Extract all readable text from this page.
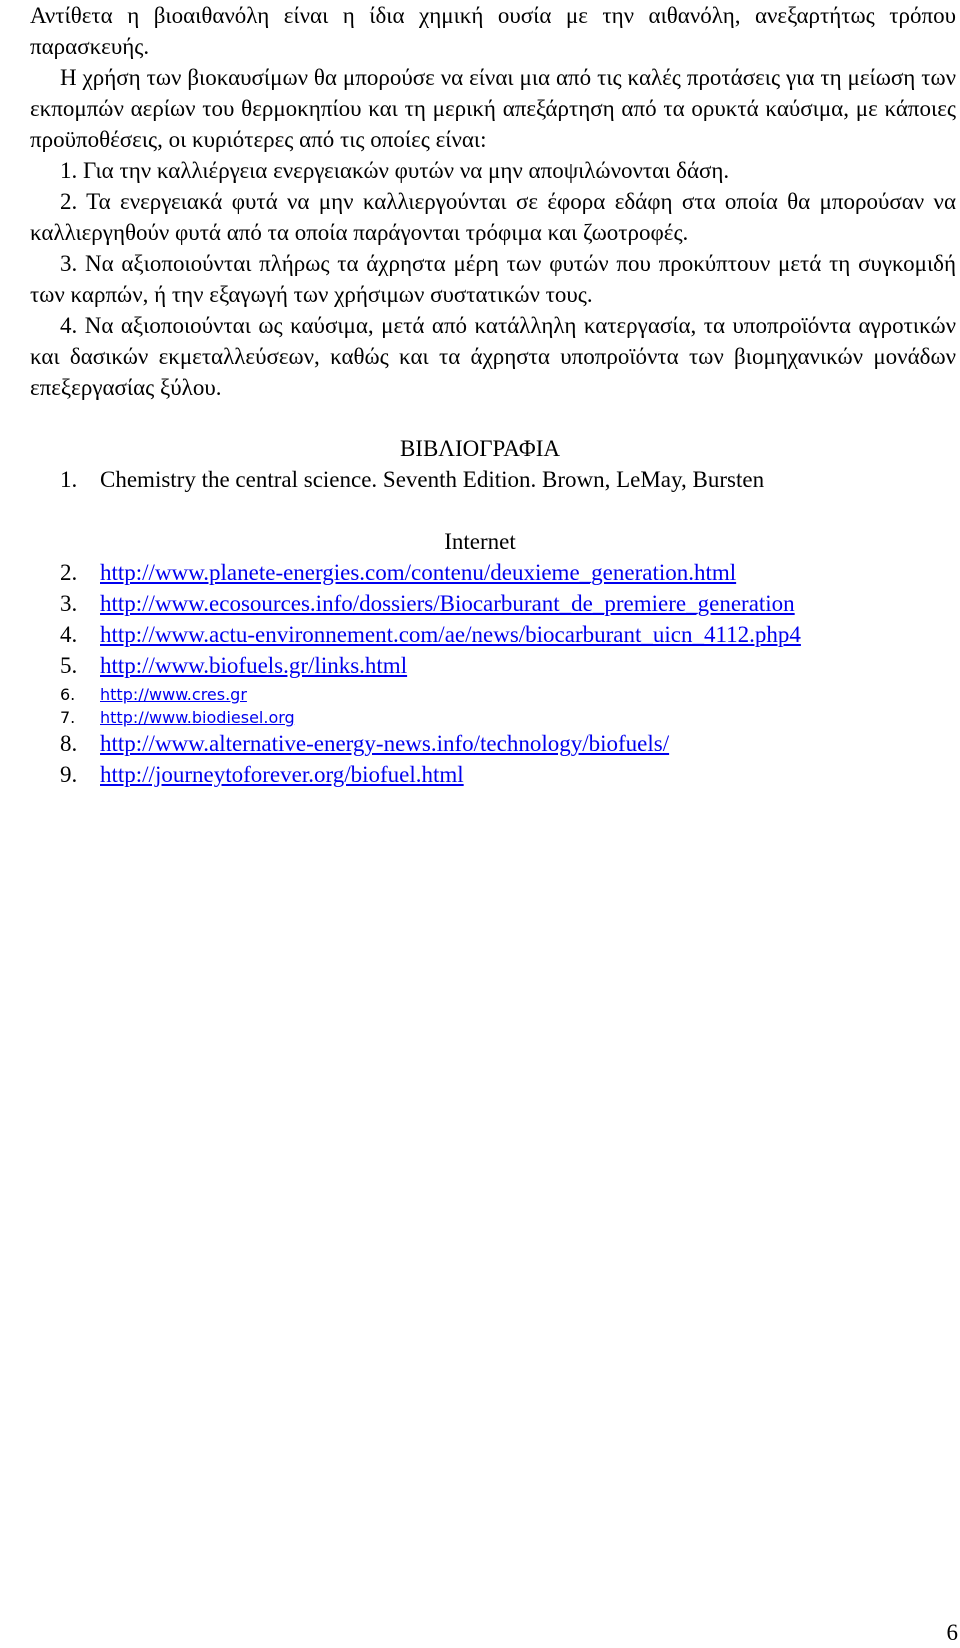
Αντίθετα η βιοαιθανόλη είναι η ίδια χημική ουσία με την αιθανόλη, ανεξαρτήτως τρόπου παρασκευής.

Η χρήση των βιοκαυσίμων θα μπορούσε να είναι μια από τις καλές προτάσεις για τη μείωση των εκπομπών αερίων του θερμοκηπίου και τη μερική απεξάρτηση από τα ορυκτά καύσιμα, με κάποιες προϋποθέσεις, οι κυριότερες από τις οποίες είναι:

1. Για την καλλιέργεια ενεργειακών φυτών να μην αποψιλώνονται δάση.

2. Τα ενεργειακά φυτά να μην καλλιεργούνται σε έφορα εδάφη στα οποία θα μπορούσαν να καλλιεργηθούν φυτά από τα οποία παράγονται τρόφιμα και ζωοτροφές.

3. Να αξιοποιούνται πλήρως τα άχρηστα μέρη των φυτών που προκύπτουν μετά τη συγκομιδή των καρπών, ή την εξαγωγή των χρήσιμων συστατικών τους.

4. Να αξιοποιούνται ως καύσιμα, μετά από κατάλληλη κατεργασία, τα υποπροϊόντα αγροτικών και δασικών εκμεταλλεύσεων, καθώς και τα άχρηστα υποπροϊόντα των βιομηχανικών μονάδων επεξεργασίας ξύλου.

ΒΙΒΛΙΟΓΡΑΦΙΑ
1. Chemistry the central science. Seventh Edition. Brown, LeMay, Bursten
Internet
2. http://www.planete-energies.com/contenu/deuxieme_generation.html
3. http://www.ecosources.info/dossiers/Biocarburant_de_premiere_generation
4. http://www.actu-environnement.com/ae/news/biocarburant_uicn_4112.php4
5. http://www.biofuels.gr/links.html
6. http://www.cres.gr
7. http://www.biodiesel.org
8. http://www.alternative-energy-news.info/technology/biofuels/
9. http://journeytoforever.org/biofuel.html
6
